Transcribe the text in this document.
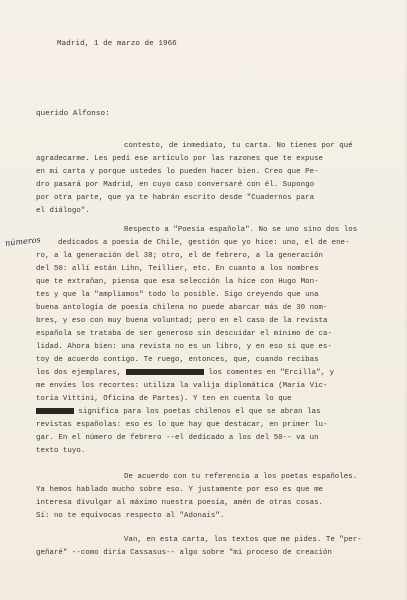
Madrid, 1 de marzo de 1966
querido Alfonso:
números
contesto, de inmediato, tu carta. No tienes por qué
agradecarme. Les pedí ese artículo por las razones que te expuse
en mi carta y porque ustedes lo pueden hacer bien. Creo que Pe-
dro pasará por Madrid, en cuyo caso conversaré con él. Supongo
por otra parte, que ya te habrán escrito desde "Cuadernos para
el diálogo".
Respecto a "Poesía española". No se uno sino dos los
dedicados a poesía de Chile, gestión que yo hice: uno, el de ene-
ro, a la generación del 38; otro, el de febrero, a la generación
del 50: allí están Lihn, Teillier, etc. En cuanto a los nombres
que te extrañan, piensa que esa selección la hice con Hugo Mon-
tes y que la "ampliamos" todo lo posible. Sigo creyendo que una
buena antología de poesía chilena no puede abarcar más de 30 nom-
bres, y eso con muy buena voluntad; pero en el caso de la revista
española se trataba de ser generoso sin descuidar el mínimo de ca-
lidad. Ahora bien: una revista no es un libro, y en eso sí que es-
toy de acuerdo contigo. Te ruego, entonces, que, cuando recibas
los dos ejemplares,	los comentes en "Ercilla", y
me envíes los recortes: utiliza la valija diplomática (María Vic-
toria Vittini, Oficina de Partes). Y ten en cuenta lo que
significa para los poetas chilenos el que se abran las
revistas españolas: eso es lo que hay que destacar, en primer lu-
gar. En el número de febrero --el dedicado a los del 50-- va un
texto tuyo.
De acuerdo con tu referencia a los poetas españoles.
Ya hemos hablado mucho sobre eso. Y justamente por eso es que me
interesa divulgar al máximo nuestra poesía, amén de otras cosas.
Sí: no te equivocas respecto al "Adonais".
Van, en esta carta, los textos que me pides. Te "per-
geñaré" --como diría Cassasus-- algo sobre "mi proceso de creación
